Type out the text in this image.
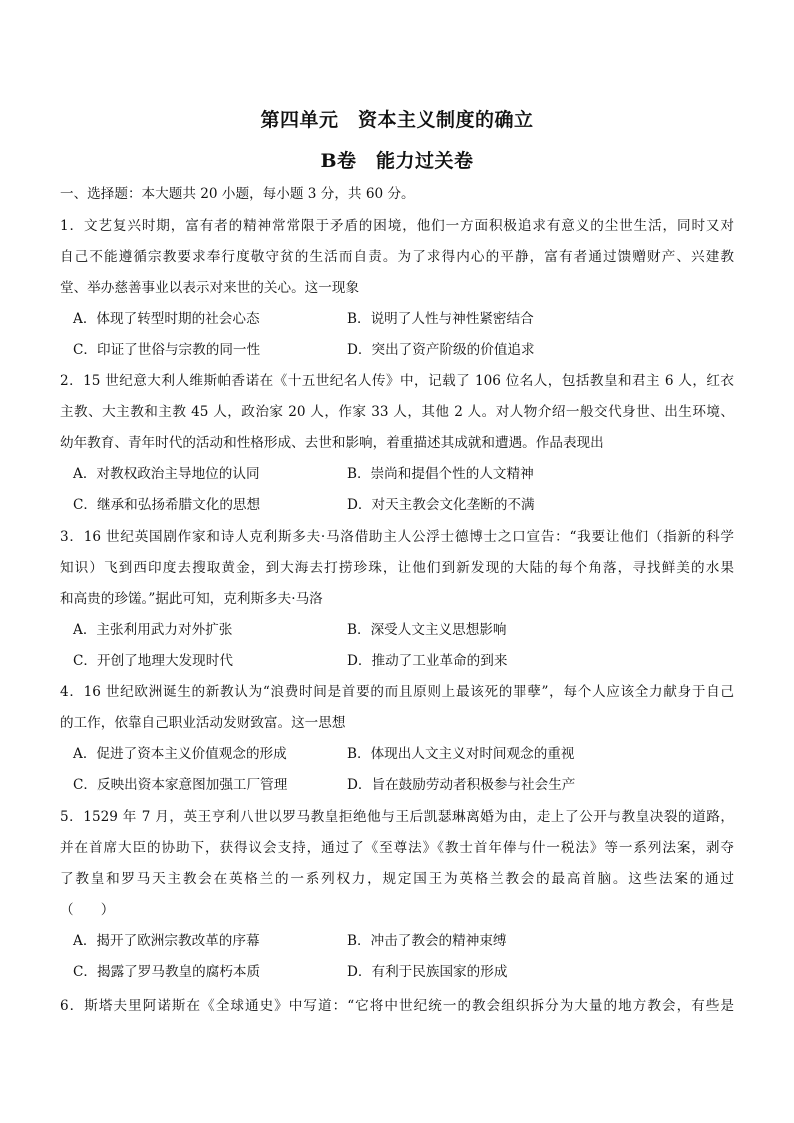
第四单元　资本主义制度的确立
B卷　能力过关卷
一、选择题：本大题共 20 小题，每小题 3 分，共 60 分。
1．文艺复兴时期，富有者的精神常常限于矛盾的困境，他们一方面积极追求有意义的尘世生活，同时又对
自己不能遵循宗教要求奉行度敬守贫的生活而自责。为了求得内心的平静，富有者通过馈赠财产、兴建教
堂、举办慈善事业以表示对来世的关心。这一现象
A．体现了转型时期的社会心态	B．说明了人性与神性紧密结合
C．印证了世俗与宗教的同一性	D．突出了资产阶级的价值追求
2．15 世纪意大利人维斯帕香诺在《十五世纪名人传》中，记载了 106 位名人，包括教皇和君主 6 人，红衣
主教、大主教和主教 45 人，政治家 20 人，作家 33 人，其他 2 人。对人物介绍一般交代身世、出生环境、
幼年教育、青年时代的活动和性格形成、去世和影响，着重描述其成就和遭遇。作品表现出
A．对教权政治主导地位的认同	B．崇尚和提倡个性的人文精神
C．继承和弘扬希腊文化的思想	D．对天主教会文化垄断的不满
3．16 世纪英国剧作家和诗人克利斯多夫·马洛借助主人公浮士德博士之口宣告：“我要让他们（指新的科学
知识）飞到西印度去搜取黄金，到大海去打捞珍珠，让他们到新发现的大陆的每个角落，寻找鲜美的水果
和高贵的珍馐。”据此可知，克利斯多夫·马洛
A．主张利用武力对外扩张	B．深受人文主义思想影响
C．开创了地理大发现时代	D．推动了工业革命的到来
4．16 世纪欧洲诞生的新教认为“浪费时间是首要的而且原则上最该死的罪孽”，每个人应该全力献身于自己
的工作，依靠自己职业活动发财致富。这一思想
A．促进了资本主义价值观念的形成	B．体现出人文主义对时间观念的重视
C．反映出资本家意图加强工厂管理	D．旨在鼓励劳动者积极参与社会生产
5．1529 年 7 月，英王亨利八世以罗马教皇拒绝他与王后凯瑟琳离婚为由，走上了公开与教皇决裂的道路，
并在首席大臣的协助下，获得议会支持，通过了《至尊法》《教士首年俸与什一税法》等一系列法案，剥夺
了教皇和罗马天主教会在英格兰的一系列权力，规定国王为英格兰教会的最高首脑。这些法案的通过
（　　）
A．揭开了欧洲宗教改革的序幕	B．冲击了教会的精神束缚
C．揭露了罗马教皇的腐朽本质	D．有利于民族国家的形成
6．斯塔夫里阿诺斯在《全球通史》中写道：“它将中世纪统一的教会组织拆分为大量的地方教会，有些是
